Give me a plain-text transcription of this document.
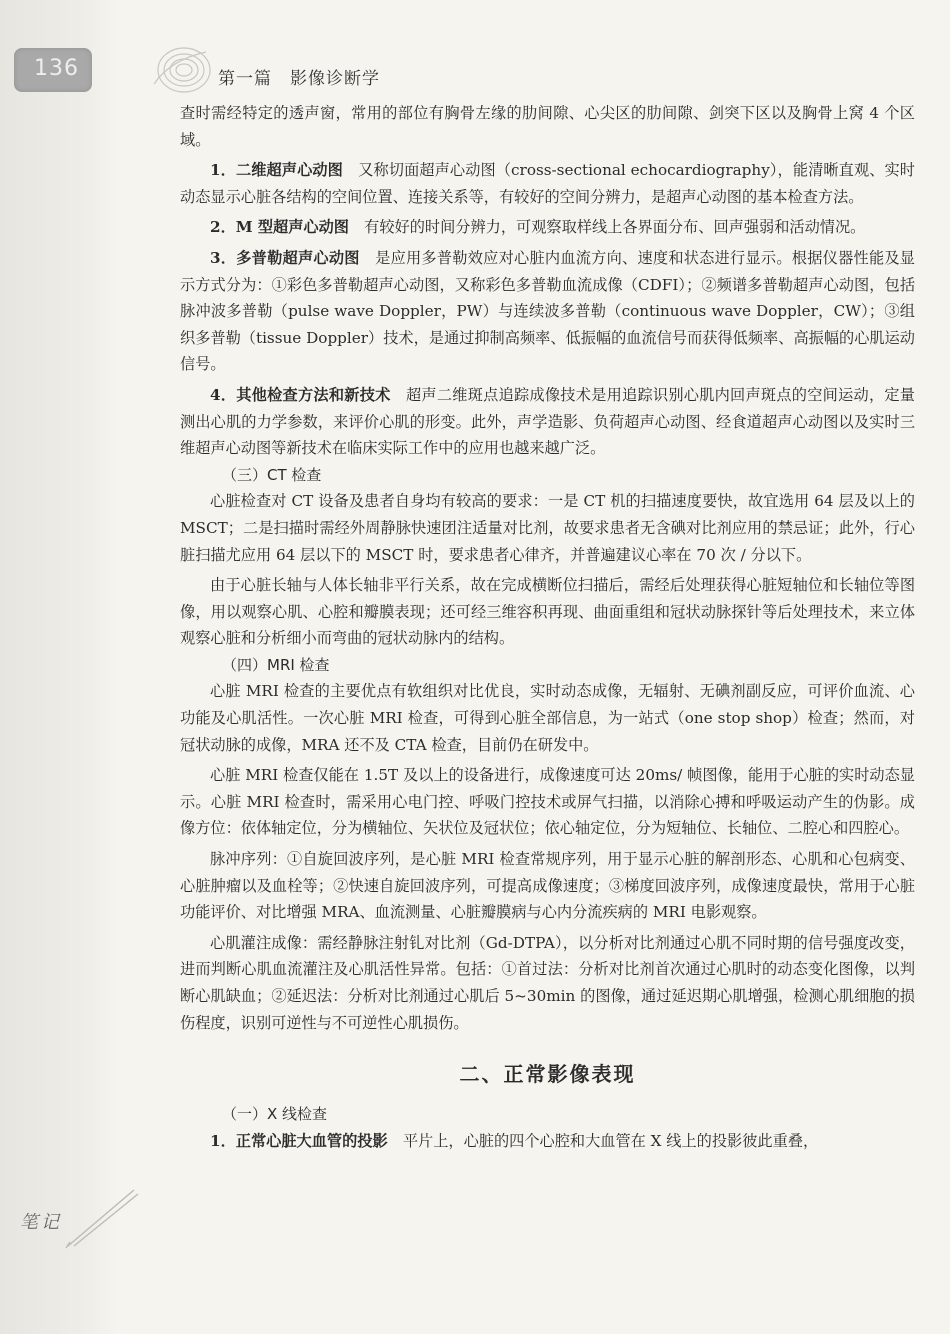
136	第一篇　影像诊断学

查时需经特定的透声窗，常用的部位有胸骨左缘的肋间隙、心尖区的肋间隙、剑突下区以及胸骨上窝 4 个区域。

1．二维超声心动图　又称切面超声心动图（cross-sectional echocardiography），能清晰直观、实时动态显示心脏各结构的空间位置、连接关系等，有较好的空间分辨力，是超声心动图的基本检查方法。

2．M 型超声心动图　有较好的时间分辨力，可观察取样线上各界面分布、回声强弱和活动情况。

3．多普勒超声心动图　是应用多普勒效应对心脏内血流方向、速度和状态进行显示。根据仪器性能及显示方式分为：①彩色多普勒超声心动图，又称彩色多普勒血流成像（CDFI）；②频谱多普勒超声心动图，包括脉冲波多普勒（pulse wave Doppler，PW）与连续波多普勒（continuous wave Doppler，CW）；③组织多普勒（tissue Doppler）技术，是通过抑制高频率、低振幅的血流信号而获得低频率、高振幅的心肌运动信号。

4．其他检查方法和新技术　超声二维斑点追踪成像技术是用追踪识别心肌内回声斑点的空间运动，定量测出心肌的力学参数，来评价心肌的形变。此外，声学造影、负荷超声心动图、经食道超声心动图以及实时三维超声心动图等新技术在临床实际工作中的应用也越来越广泛。

（三）CT 检查

心脏检查对 CT 设备及患者自身均有较高的要求：一是 CT 机的扫描速度要快，故宜选用 64 层及以上的 MSCT；二是扫描时需经外周静脉快速团注适量对比剂，故要求患者无含碘对比剂应用的禁忌证；此外，行心脏扫描尤应用 64 层以下的 MSCT 时，要求患者心律齐，并普遍建议心率在 70 次 / 分以下。

由于心脏长轴与人体长轴非平行关系，故在完成横断位扫描后，需经后处理获得心脏短轴位和长轴位等图像，用以观察心肌、心腔和瓣膜表现；还可经三维容积再现、曲面重组和冠状动脉探针等后处理技术，来立体观察心脏和分析细小而弯曲的冠状动脉内的结构。

（四）MRI 检查

心脏 MRI 检查的主要优点有软组织对比优良，实时动态成像，无辐射、无碘剂副反应，可评价血流、心功能及心肌活性。一次心脏 MRI 检查，可得到心脏全部信息，为一站式（one stop shop）检查；然而，对冠状动脉的成像，MRA 还不及 CTA 检查，目前仍在研发中。

心脏 MRI 检查仅能在 1.5T 及以上的设备进行，成像速度可达 20ms/ 帧图像，能用于心脏的实时动态显示。心脏 MRI 检查时，需采用心电门控、呼吸门控技术或屏气扫描，以消除心搏和呼吸运动产生的伪影。成像方位：依体轴定位，分为横轴位、矢状位及冠状位；依心轴定位，分为短轴位、长轴位、二腔心和四腔心。

脉冲序列：①自旋回波序列，是心脏 MRI 检查常规序列，用于显示心脏的解剖形态、心肌和心包病变、心脏肿瘤以及血栓等；②快速自旋回波序列，可提高成像速度；③梯度回波序列，成像速度最快，常用于心脏功能评价、对比增强 MRA、血流测量、心脏瓣膜病与心内分流疾病的 MRI 电影观察。

心肌灌注成像：需经静脉注射钆对比剂（Gd-DTPA），以分析对比剂通过心肌不同时期的信号强度改变，进而判断心肌血流灌注及心肌活性异常。包括：①首过法：分析对比剂首次通过心肌时的动态变化图像，以判断心肌缺血；②延迟法：分析对比剂通过心肌后 5~30min 的图像，通过延迟期心肌增强，检测心肌细胞的损伤程度，识别可逆性与不可逆性心肌损伤。

二、正常影像表现

（一）X 线检查

1．正常心脏大血管的投影　平片上，心脏的四个心腔和大血管在 X 线上的投影彼此重叠，

笔记
